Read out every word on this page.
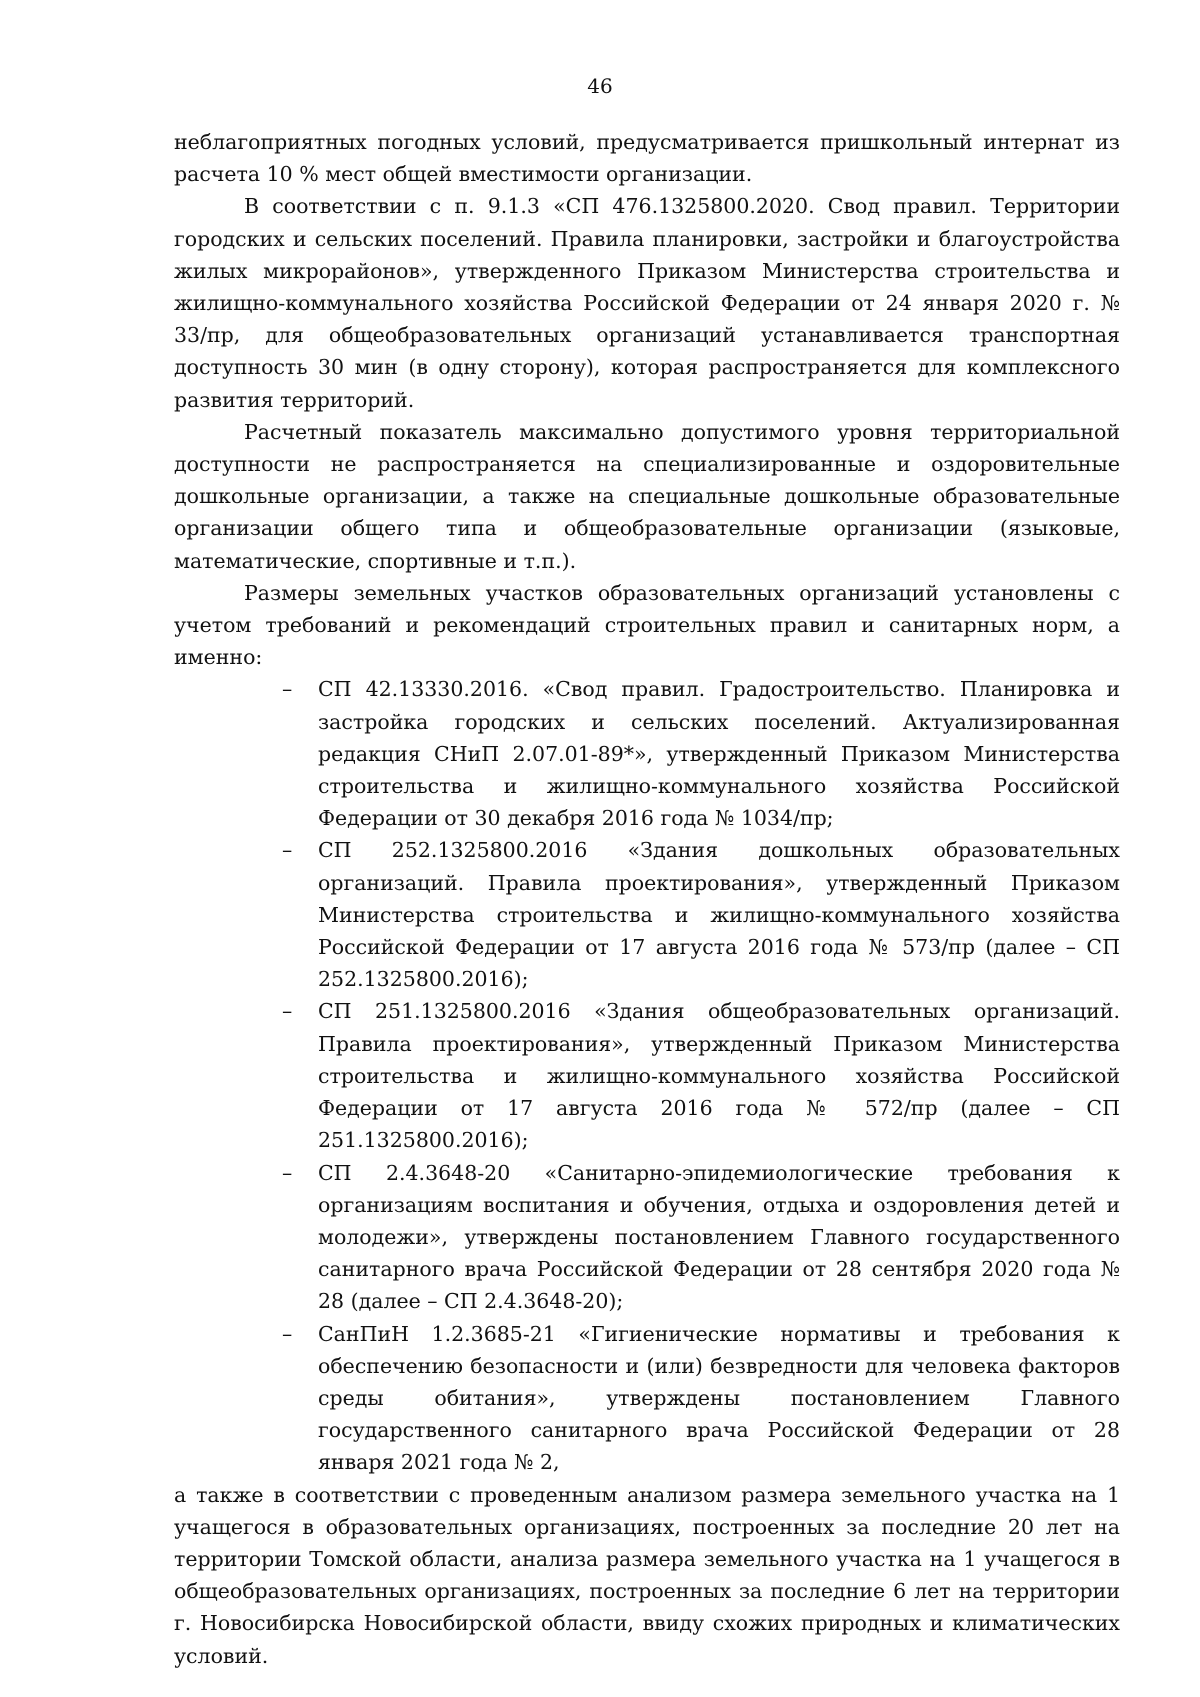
46

неблагоприятных погодных условий, предусматривается пришкольный интернат из расчета 10 % мест общей вместимости организации.

В соответствии с п. 9.1.3 «СП 476.1325800.2020. Свод правил. Территории городских и сельских поселений. Правила планировки, застройки и благоустройства жилых микрорайонов», утвержденного Приказом Министерства строительства и жилищно-коммунального хозяйства Российской Федерации от 24 января 2020 г. № 33/пр, для общеобразовательных организаций устанавливается транспортная доступность 30 мин (в одну сторону), которая распространяется для комплексного развития территорий.

Расчетный показатель максимально допустимого уровня территориальной доступности не распространяется на специализированные и оздоровительные дошкольные организации, а также на специальные дошкольные образовательные организации общего типа и общеобразовательные организации (языковые, математические, спортивные и т.п.).

Размеры земельных участков образовательных организаций установлены с учетом требований и рекомендаций строительных правил и санитарных норм, а именно:

– СП 42.13330.2016. «Свод правил. Градостроительство. Планировка и застройка городских и сельских поселений. Актуализированная редакция СНиП 2.07.01-89*», утвержденный Приказом Министерства строительства и жилищно-коммунального хозяйства Российской Федерации от 30 декабря 2016 года № 1034/пр;
– СП 252.1325800.2016 «Здания дошкольных образовательных организаций. Правила проектирования», утвержденный Приказом Министерства строительства и жилищно-коммунального хозяйства Российской Федерации от 17 августа 2016 года № 573/пр (далее – СП 252.1325800.2016);
– СП 251.1325800.2016 «Здания общеобразовательных организаций. Правила проектирования», утвержденный Приказом Министерства строительства и жилищно-коммунального хозяйства Российской Федерации от 17 августа 2016 года № 572/пр (далее – СП 251.1325800.2016);
– СП 2.4.3648-20 «Санитарно-эпидемиологические требования к организациям воспитания и обучения, отдыха и оздоровления детей и молодежи», утверждены постановлением Главного государственного санитарного врача Российской Федерации от 28 сентября 2020 года № 28 (далее – СП 2.4.3648-20);
– СанПиН 1.2.3685-21 «Гигиенические нормативы и требования к обеспечению безопасности и (или) безвредности для человека факторов среды обитания», утверждены постановлением Главного государственного санитарного врача Российской Федерации от 28 января 2021 года № 2,

а также в соответствии с проведенным анализом размера земельного участка на 1 учащегося в образовательных организациях, построенных за последние 20 лет на территории Томской области, анализа размера земельного участка на 1 учащегося в общеобразовательных организациях, построенных за последние 6 лет на территории г. Новосибирска Новосибирской области, ввиду схожих природных и климатических условий.
